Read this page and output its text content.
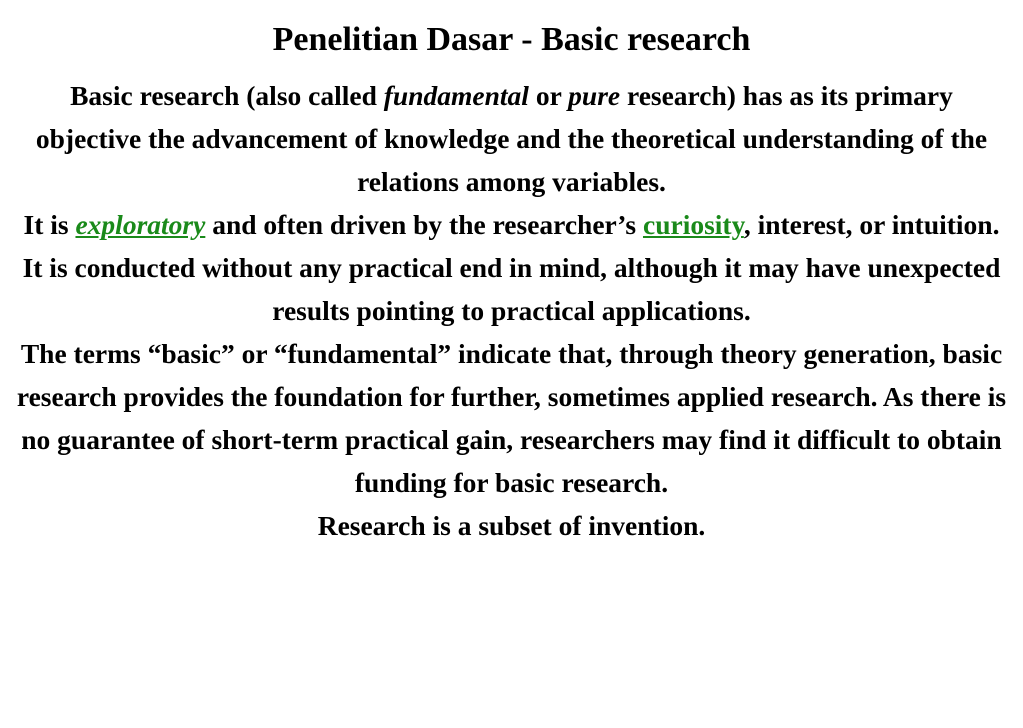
Penelitian Dasar - Basic research
Basic research (also called fundamental or pure research) has as its primary objective the advancement of knowledge and the theoretical understanding of the relations among variables.
It is exploratory and often driven by the researcher’s curiosity, interest, or intuition. It is conducted without any practical end in mind, although it may have unexpected results pointing to practical applications.
The terms “basic” or “fundamental” indicate that, through theory generation, basic research provides the foundation for further, sometimes applied research. As there is no guarantee of short-term practical gain, researchers may find it difficult to obtain funding for basic research.
Research is a subset of invention.
